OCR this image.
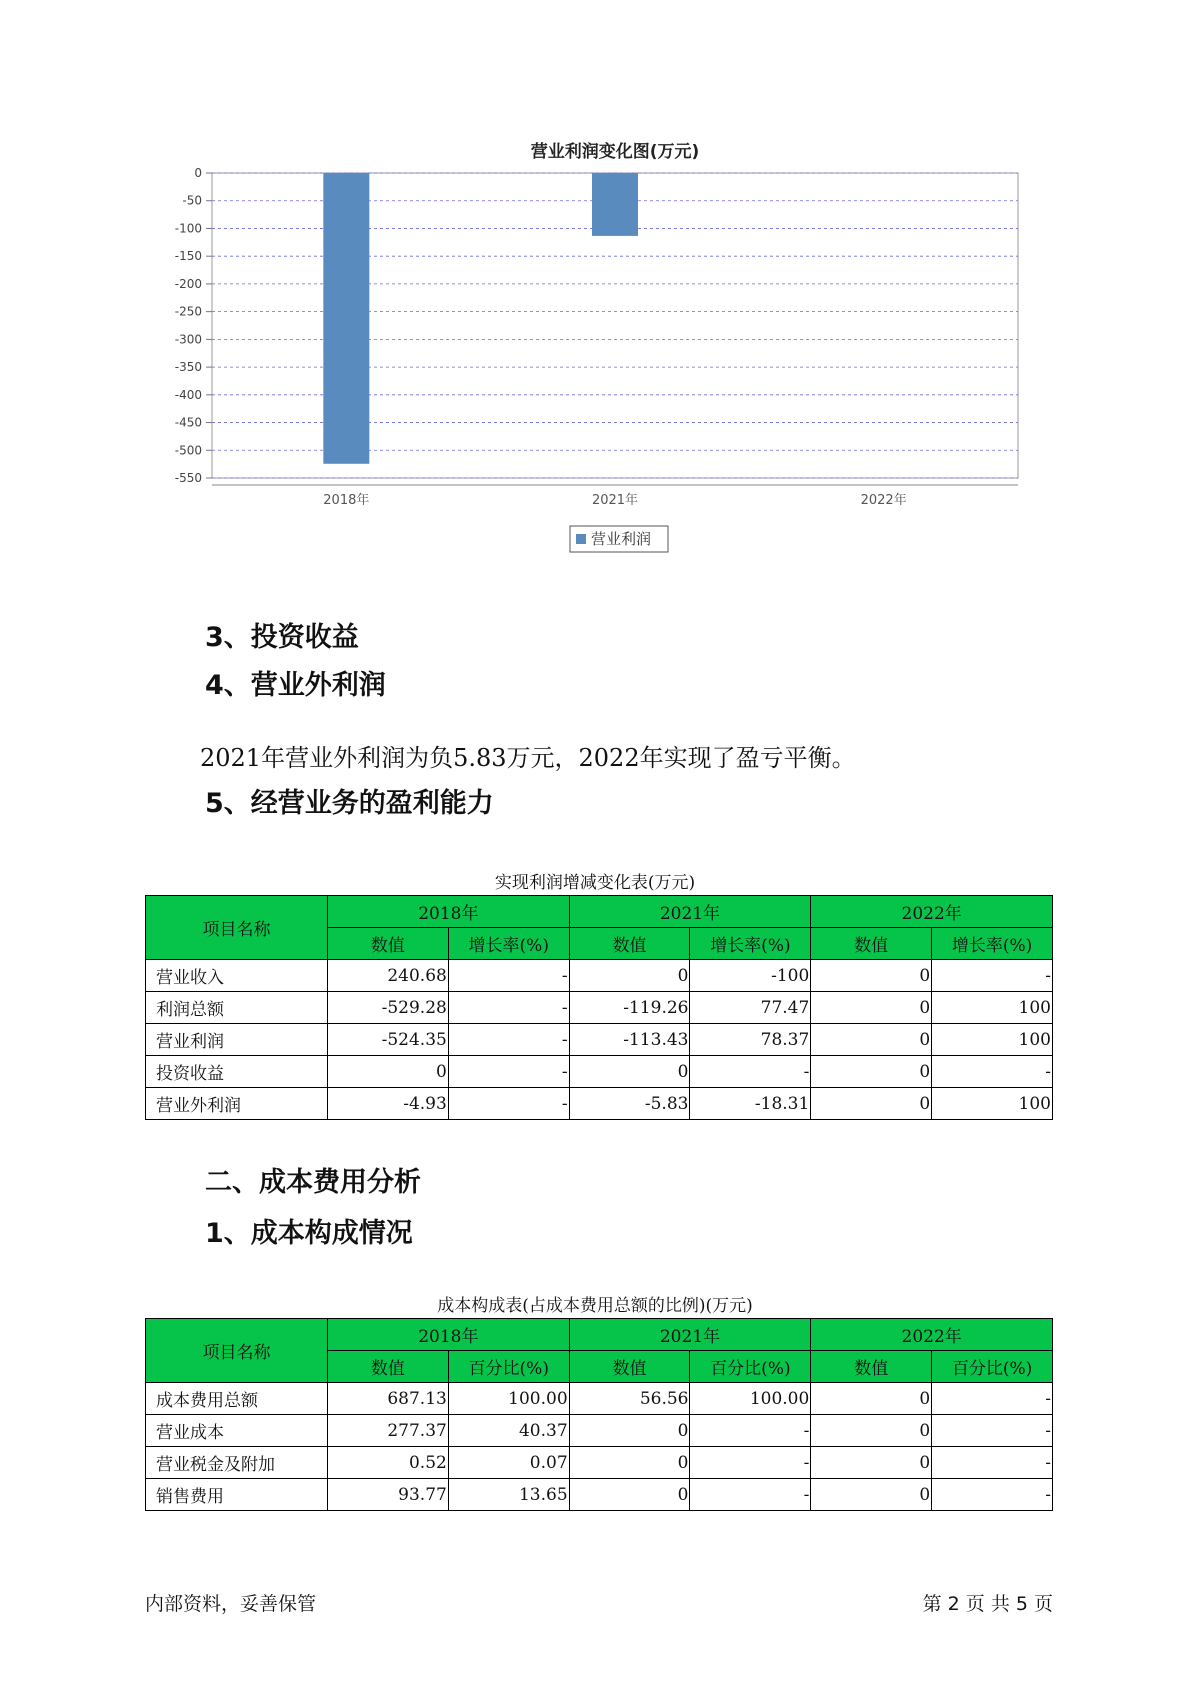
营业利润变化图(万元)
0
-50
-100
-150
-200
-250
-300
-350
-400
-450
-500
-550
2018年	2021年	2022年
营业利润
3、投资收益
4、营业外利润

2021年营业外利润为负5.83万元，2022年实现了盈亏平衡。

5、经营业务的盈利能力

实现利润增减变化表(万元)

项目名称	2018年		2021年		2022年	
	数值	增长率(%)	数值	增长率(%)	数值	增长率(%)
营业收入	240.68	-	0	-100	0	-
利润总额	-529.28	-	-119.26	77.47	0	100
营业利润	-524.35	-	-113.43	78.37	0	100
投资收益	0	-	0	-	0	-
营业外利润	-4.93	-	-5.83	-18.31	0	100
二、成本费用分析
1、成本构成情况

成本构成表(占成本费用总额的比例)(万元)

项目名称	2018年		2021年		2022年	
	数值	百分比(%)	数值	百分比(%)	数值	百分比(%)
成本费用总额	687.13	100.00	56.56	100.00	0	-
营业成本	277.37	40.37	0	-	0	-
营业税金及附加	0.52	0.07	0	-	0	-
销售费用	93.77	13.65	0	-	0	-

内部资料，妥善保管	第 2 页 共 5 页
